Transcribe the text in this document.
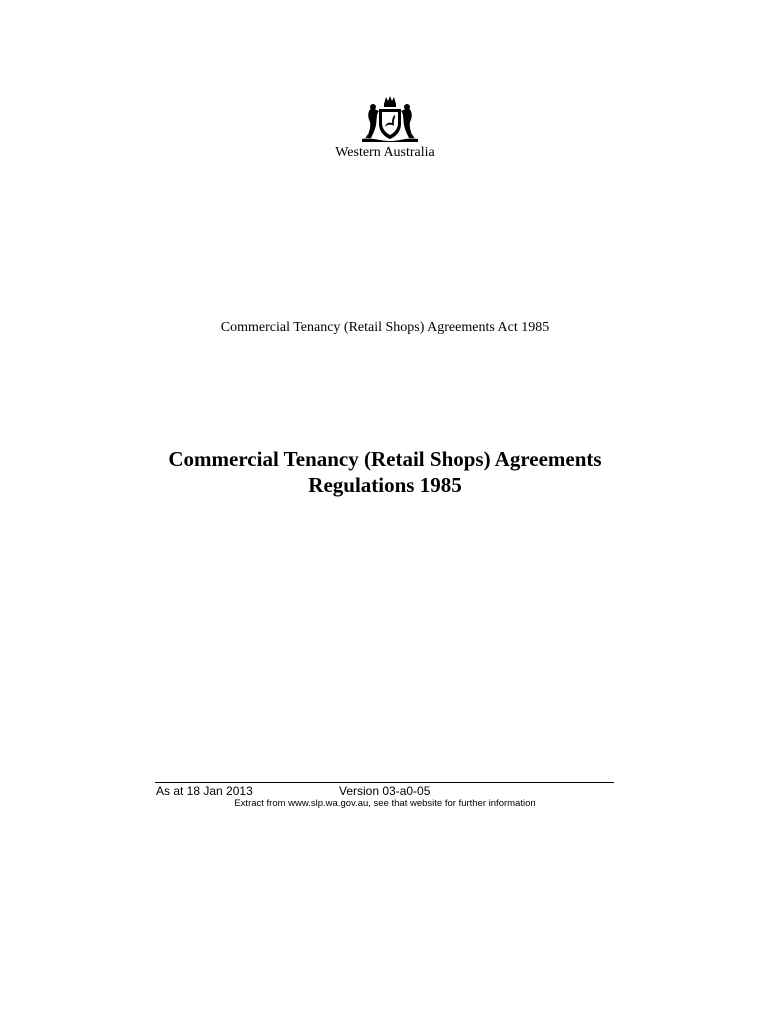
Western Australia
Commercial Tenancy (Retail Shops) Agreements Act 1985
Commercial Tenancy (Retail Shops) Agreements
Regulations 1985
As at 18 Jan 2013	Version 03-a0-05
Extract from www.slp.wa.gov.au, see that website for further information
